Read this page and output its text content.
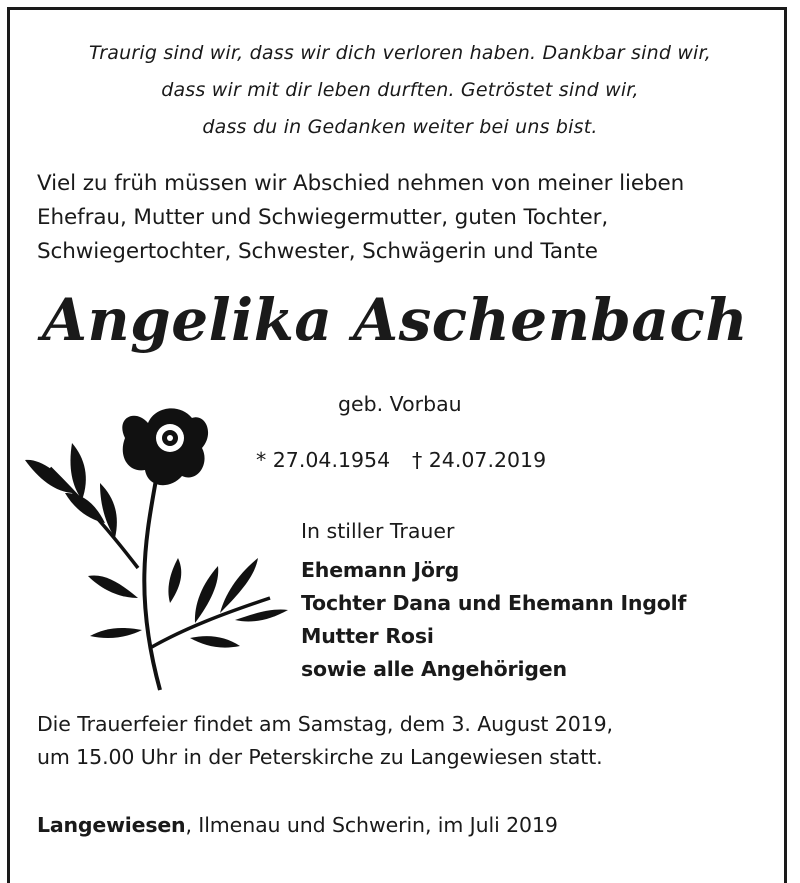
Traurig sind wir, dass wir dich verloren haben. Dankbar sind wir,
dass wir mit dir leben durften. Getröstet sind wir,
dass du in Gedanken weiter bei uns bist.
Viel zu früh müssen wir Abschied nehmen von meiner lieben
Ehefrau, Mutter und Schwiegermutter, guten Tochter,
Schwiegertochter, Schwester, Schwägerin und Tante
Angelika Aschenbach
geb. Vorbau
* 27.04.1954 † 24.07.2019
In stiller Trauer
Ehemann Jörg
Tochter Dana und Ehemann Ingolf
Mutter Rosi
sowie alle Angehörigen
Die Trauerfeier findet am Samstag, dem 3. August 2019,
um 15.00 Uhr in der Peterskirche zu Langewiesen statt.
Langewiesen, Ilmenau und Schwerin, im Juli 2019
